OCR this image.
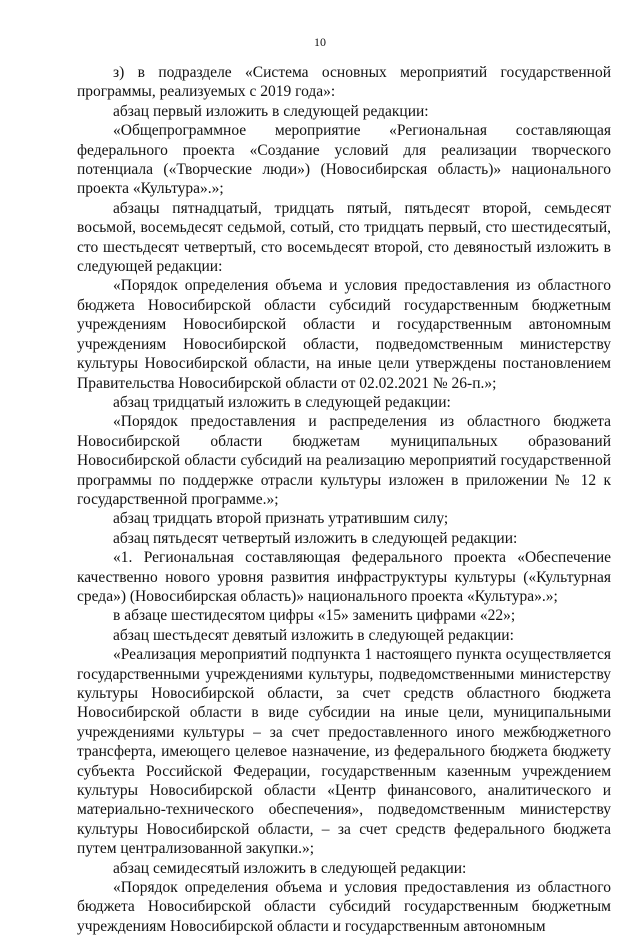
10

з) в подразделе «Система основных мероприятий государственной программы, реализуемых с 2019 года»:

абзац первый изложить в следующей редакции:

«Общепрограммное мероприятие «Региональная составляющая федерального проекта «Создание условий для реализации творческого потенциала («Творческие люди») (Новосибирская область)» национального проекта «Культура».»;

абзацы пятнадцатый, тридцать пятый, пятьдесят второй, семьдесят восьмой, восемьдесят седьмой, сотый, сто тридцать первый, сто шестидесятый, сто шестьдесят четвертый, сто восемьдесят второй, сто девяностый изложить в следующей редакции:

«Порядок определения объема и условия предоставления из областного бюджета Новосибирской области субсидий государственным бюджетным учреждениям Новосибирской области и государственным автономным учреждениям Новосибирской области, подведомственным министерству культуры Новосибирской области, на иные цели утверждены постановлением Правительства Новосибирской области от 02.02.2021 № 26-п.»;

абзац тридцатый изложить в следующей редакции:

«Порядок предоставления и распределения из областного бюджета Новосибирской области бюджетам муниципальных образований Новосибирской области субсидий на реализацию мероприятий государственной программы по поддержке отрасли культуры изложен в приложении № 12 к государственной программе.»;

абзац тридцать второй признать утратившим силу;

абзац пятьдесят четвертый изложить в следующей редакции:

«1. Региональная составляющая федерального проекта «Обеспечение качественно нового уровня развития инфраструктуры культуры («Культурная среда») (Новосибирская область)» национального проекта «Культура».»;

в абзаце шестидесятом цифры «15» заменить цифрами «22»;

абзац шестьдесят девятый изложить в следующей редакции:

«Реализация мероприятий подпункта 1 настоящего пункта осуществляется государственными учреждениями культуры, подведомственными министерству культуры Новосибирской области, за счет средств областного бюджета Новосибирской области в виде субсидии на иные цели, муниципальными учреждениями культуры – за счет предоставленного иного межбюджетного трансферта, имеющего целевое назначение, из федерального бюджета бюджету субъекта Российской Федерации, государственным казенным учреждением культуры Новосибирской области «Центр финансового, аналитического и материально-технического обеспечения», подведомственным министерству культуры Новосибирской области, – за счет средств федерального бюджета путем централизованной закупки.»;

абзац семидесятый изложить в следующей редакции:

«Порядок определения объема и условия предоставления из областного бюджета Новосибирской области субсидий государственным бюджетным учреждениям Новосибирской области и государственным автономным
